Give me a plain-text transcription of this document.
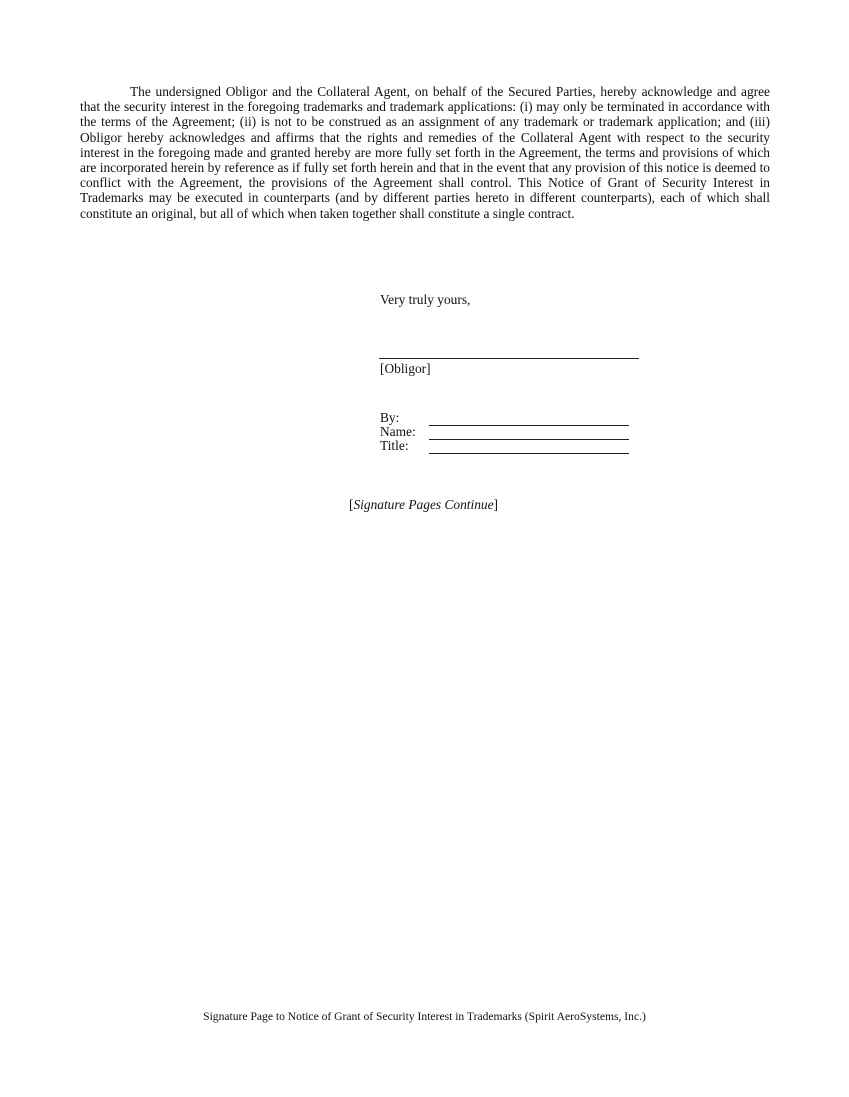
The undersigned Obligor and the Collateral Agent, on behalf of the Secured Parties, hereby acknowledge and agree that the security interest in the foregoing trademarks and trademark applications: (i) may only be terminated in accordance with the terms of the Agreement; (ii) is not to be construed as an assignment of any trademark or trademark application; and (iii) Obligor hereby acknowledges and affirms that the rights and remedies of the Collateral Agent with respect to the security interest in the foregoing made and granted hereby are more fully set forth in the Agreement, the terms and provisions of which are incorporated herein by reference as if fully set forth herein and that in the event that any provision of this notice is deemed to conflict with the Agreement, the provisions of the Agreement shall control. This Notice of Grant of Security Interest in Trademarks may be executed in counterparts (and by different parties hereto in different counterparts), each of which shall constitute an original, but all of which when taken together shall constitute a single contract.

Very truly yours,

[Obligor]

By:
Name:
Title:

[Signature Pages Continue]

Signature Page to Notice of Grant of Security Interest in Trademarks (Spirit AeroSystems, Inc.)
